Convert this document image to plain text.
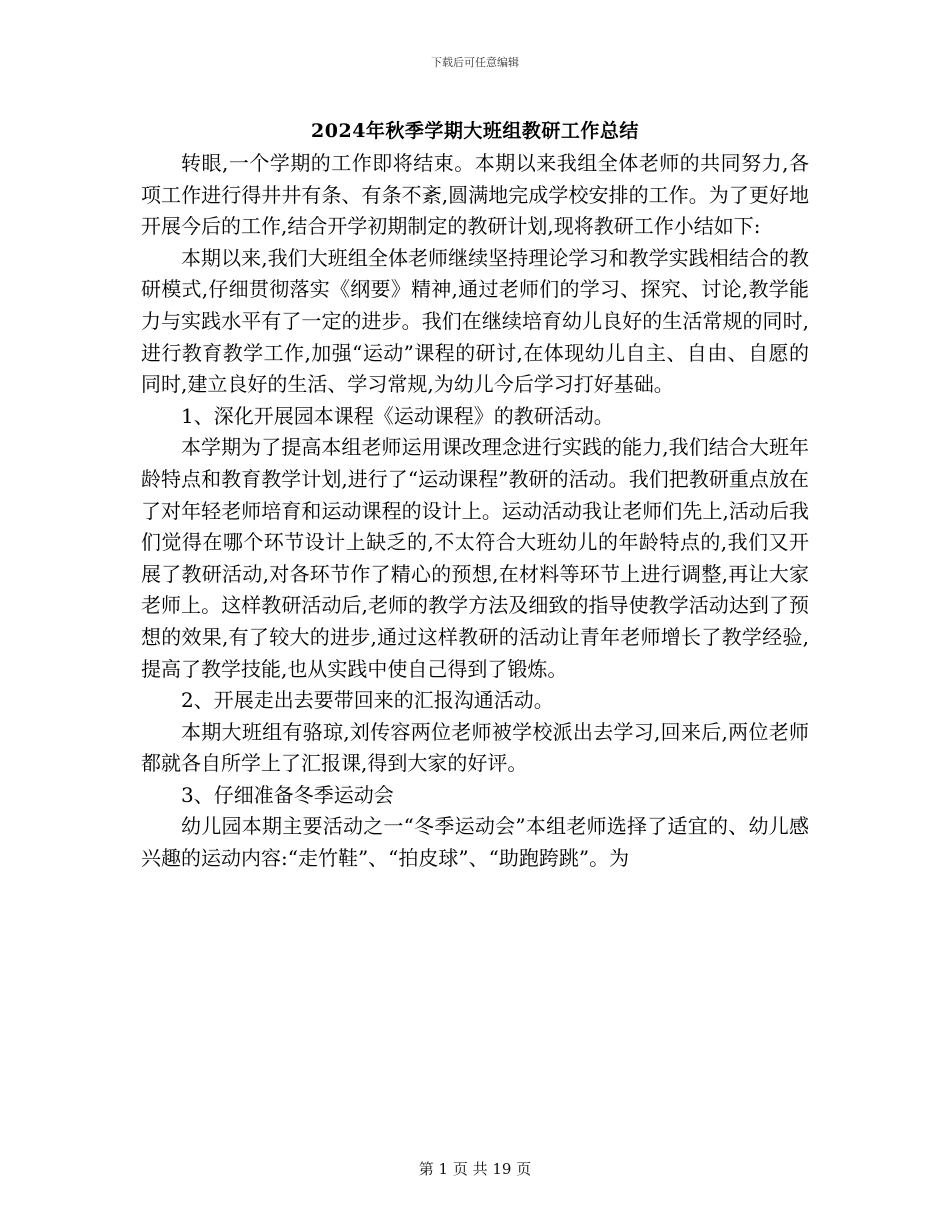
下载后可任意编辑
2024年秋季学期大班组教研工作总结

转眼,一个学期的工作即将结束。本期以来我组全体老师的共同努力,各项工作进行得井井有条、有条不紊,圆满地完成学校安排的工作。为了更好地开展今后的工作,结合开学初期制定的教研计划,现将教研工作小结如下:

本期以来,我们大班组全体老师继续坚持理论学习和教学实践相结合的教研模式,仔细贯彻落实《纲要》精神,通过老师们的学习、探究、讨论,教学能力与实践水平有了一定的进步。我们在继续培育幼儿良好的生活常规的同时,进行教育教学工作,加强“运动”课程的研讨,在体现幼儿自主、自由、自愿的同时,建立良好的生活、学习常规,为幼儿今后学习打好基础。

1、深化开展园本课程《运动课程》的教研活动。

本学期为了提高本组老师运用课改理念进行实践的能力,我们结合大班年龄特点和教育教学计划,进行了“运动课程”教研的活动。我们把教研重点放在了对年轻老师培育和运动课程的设计上。运动活动我让老师们先上,活动后我们觉得在哪个环节设计上缺乏的,不太符合大班幼儿的年龄特点的,我们又开展了教研活动,对各环节作了精心的预想,在材料等环节上进行调整,再让大家老师上。这样教研活动后,老师的教学方法及细致的指导使教学活动达到了预想的效果,有了较大的进步,通过这样教研的活动让青年老师增长了教学经验,提高了教学技能,也从实践中使自己得到了锻炼。

2、开展走出去要带回来的汇报沟通活动。

本期大班组有骆琼,刘传容两位老师被学校派出去学习,回来后,两位老师都就各自所学上了汇报课,得到大家的好评。

3、仔细准备冬季运动会

幼儿园本期主要活动之一“冬季运动会”本组老师选择了适宜的、幼儿感兴趣的运动内容:“走竹鞋”、“拍皮球”、“助跑跨跳”。为

第 1 页 共 19 页
